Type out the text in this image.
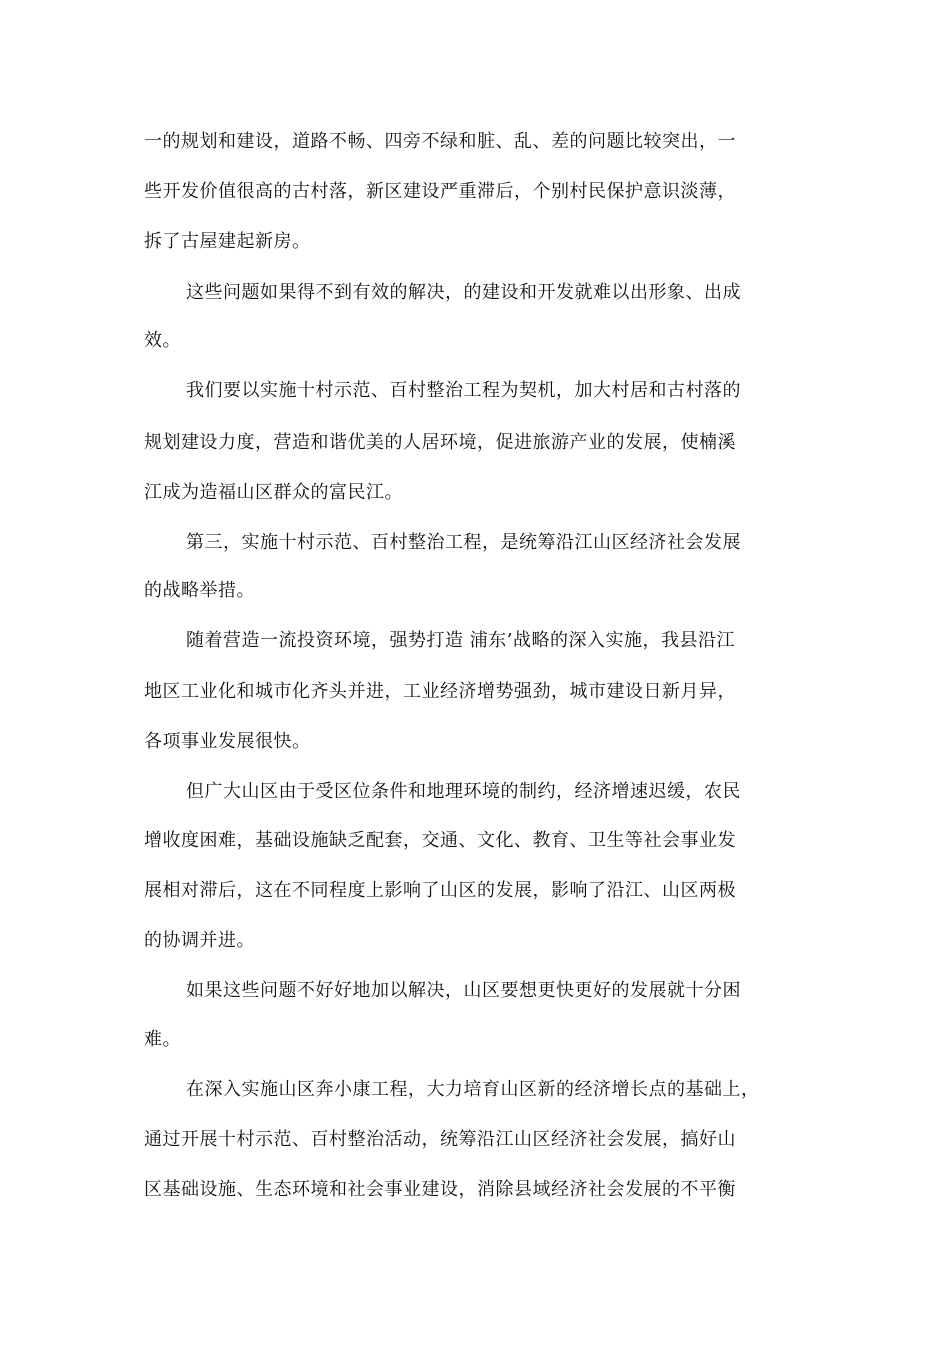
一的规划和建设，道路不畅、四旁不绿和脏、乱、差的问题比较突出，一
些开发价值很高的古村落，新区建设严重滞后，个别村民保护意识淡薄，
拆了古屋建起新房。
这些问题如果得不到有效的解决，的建设和开发就难以出形象、出成
效。
我们要以实施十村示范、百村整治工程为契机，加大村居和古村落的
规划建设力度，营造和谐优美的人居环境，促进旅游产业的发展，使楠溪
江成为造福山区群众的富民江。
第三，实施十村示范、百村整治工程，是统筹沿江山区经济社会发展
的战略举措。
随着营造一流投资环境，强势打造 浦东’战略的深入实施，我县沿江
地区工业化和城市化齐头并进，工业经济增势强劲，城市建设日新月异，
各项事业发展很快。
但广大山区由于受区位条件和地理环境的制约，经济增速迟缓，农民
增收度困难，基础设施缺乏配套，交通、文化、教育、卫生等社会事业发
展相对滞后，这在不同程度上影响了山区的发展，影响了沿江、山区两极
的协调并进。
如果这些问题不好好地加以解决，山区要想更快更好的发展就十分困
难。
在深入实施山区奔小康工程，大力培育山区新的经济增长点的基础上，
通过开展十村示范、百村整治活动，统筹沿江山区经济社会发展，搞好山
区基础设施、生态环境和社会事业建设，消除县域经济社会发展的不平衡
